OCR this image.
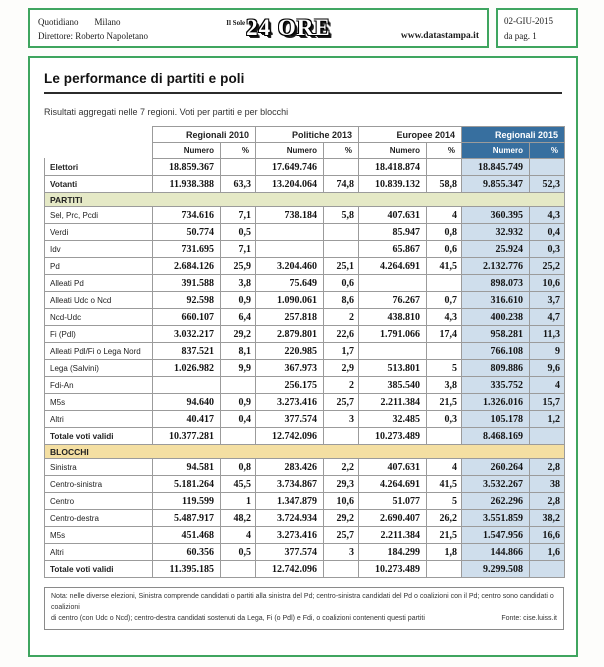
Quotidiano Milano
Direttore: Roberto Napoletano
$^{Il Sole}$24 ORE	www.datastampa.it
02-GIU-2015
da pag. 1
Le performance di partiti e poli
Risultati aggregati nelle 7 regioni. Voti per partiti e per blocchi
	Regionali 2010		Politiche 2013		Europee 2014		Regionali 2015	
	Numero	%	Numero	%	Numero	%	Numero	%
Elettori	18.859.367		17.649.746		18.418.874		18.845.749	
Votanti	11.938.388	63,3	13.204.064	74,8	10.839.132	58,8	9.855.347	52,3
PARTITI								
Sel, Prc, Pcdi	734.616	7,1	738.184	5,8	407.631	4	360.395	4,3
Verdi	50.774	0,5			85.947	0,8	32.932	0,4
Idv	731.695	7,1			65.867	0,6	25.924	0,3
Pd	2.684.126	25,9	3.204.460	25,1	4.264.691	41,5	2.132.776	25,2
Alleati Pd	391.588	3,8	75.649	0,6			898.073	10,6
Alleati Udc o Ncd	92.598	0,9	1.090.061	8,6	76.267	0,7	316.610	3,7
Ncd-Udc	660.107	6,4	257.818	2	438.810	4,3	400.238	4,7
Fi (Pdl)	3.032.217	29,2	2.879.801	22,6	1.791.066	17,4	958.281	11,3
Alleati Pdl/Fi o Lega Nord	837.521	8,1	220.985	1,7			766.108	9
Lega (Salvini)	1.026.982	9,9	367.973	2,9	513.801	5	809.886	9,6
Fdi-An			256.175	2	385.540	3,8	335.752	4
M5s	94.640	0,9	3.273.416	25,7	2.211.384	21,5	1.326.016	15,7
Altri	40.417	0,4	377.574	3	32.485	0,3	105.178	1,2
Totale voti validi	10.377.281		12.742.096		10.273.489		8.468.169	
BLOCCHI								
Sinistra	94.581	0,8	283.426	2,2	407.631	4	260.264	2,8
Centro-sinistra	5.181.264	45,5	3.734.867	29,3	4.264.691	41,5	3.532.267	38
Centro	119.599	1	1.347.879	10,6	51.077	5	262.296	2,8
Centro-destra	5.487.917	48,2	3.724.934	29,2	2.690.407	26,2	3.551.859	38,2
M5s	451.468	4	3.273.416	25,7	2.211.384	21,5	1.547.956	16,6
Altri	60.356	0,5	377.574	3	184.299	1,8	144.866	1,6
Totale voti validi	11.395.185		12.742.096		10.273.489		9.299.508	
Nota: nelle diverse elezioni, Sinistra comprende candidati o partiti alla sinistra del Pd; centro-sinistra candidati del Pd o coalizioni con il Pd; centro sono candidati o coalizioni
di centro (con Udc o Ncd); centro-destra candidati sostenuti da Lega, Fi (o Pdl) e Fdi, o coalizioni contenenti questi partiti	Fonte: cise.luiss.it
